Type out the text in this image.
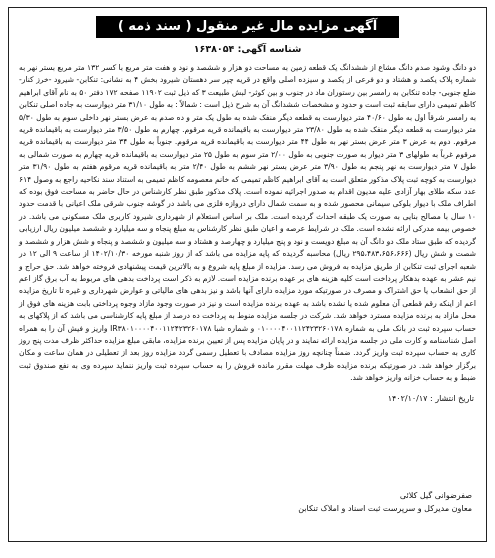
آگهی مزایده مال غیر منقول ( سند ذمه )
شناسه آگهی: ۱۶۳۸۰۵۴
دو دانگ وشود صدم دانگ مشاع از ششدانگ یک قطعه زمین به مساحت دو هزار و ششصد و نود و هفت متر مربع با کسر ۱۳۲ متر مربع بستر نهر به شماره پلاک یکصد و هشتاد و دو فرعی از یکصد و سیزده اصلی واقع در قریه چپر سر دهستان شیرود بخش ۴ به نشانی: تنکابن- شیرود -خرز کنار- ضلع جنوبی- جاده تنکابن به رامسر بین رستوران ماد در جنوب و بین کوثر- لبش طبیعت ۳ که ذیل ثبت ۱۱۹۰۲ صفحه ۱۷۲ دفتر ۵۰ به نام آقای ابراهیم کاظم تمیمی دارای سابقه ثبت است و حدود و مشخصات ششدانگ آن به شرح ذیل است : شمالاً : به طول ۳۱/۱۰ متر دیوارست به جاده اصلی تنکابن به رامسر شرقاً اول به طول ۴۰/۶۰ متر دیوارست به قطعه دیگر منفک شده به طول یک متر و ده صدم به عرض بستر نهر داخلی سوم به طول ۵/۳۰ متر دیوارست به قطعه دیگر منفک شده به طول ۲۳/۸۰ متر دیوارست به باقیمانده قریه مرقوم. چهارم به طول ۳/۵۰ متر دیوارست به باقیمانده قریه مرقوم. دوم به عرض ۳ متر عرض بستر نهر به طول ۴۴ متر دیوارست به باقیمانده قریه مرقوم. جنوباً به طول ۳۴ متر دیوارست به باقیمانده قریه مرقوم غرباً به طولهای ۳ متر دیوار به صورت جنوبی به طول ۲/۰۰ متر سوم به طول ۲۵ متر دیوارست به باقیمانده قریه چهارم به صورت شمالی به طول ۷ متر دیوارست به نهر پنجم به طول ۳/۹۰ متر عرض بستر نهر ششم به طول ۲/۴۰ متر به باقیمانده قریه مرقوم هفتم به طول ۳۱/۹۰ متر دیوارست به کوچه ثبت پلاک مذکور متعلق است به آقای ابراهیم کاظم تمیمی که خانم معصومه کاظم تمیمی به استناد سند نکاحیه راجع به وصول ۶۱۴ عدد سکه طلای بهار آزادی علیه مدیون اقدام به صدور اجرائیه نموده است. پلاک مذکور طبق نظر کارشناس در حال حاضر به مساحت فوق بوده که اطراف ملک با دیوار بلوکی سیمانی محصور شده و به سمت شمال دارای دروازه فلزی می باشد در گوشه جنوب شرقی ملک اعیانی با قدمت حدود ۱۰ سال با مصالح بنایی به صورت یک طبقه احداث گردیده است. ملک بر اساس استعلام از شهرداری شیرود کاربری ملک مسکونی می باشد. در خصوص بیمه مدرکی ارائه نشده است. ملک در شرایط عرصه و اعیان طبق نظر کارشناس به مبلغ پنجاه و سه میلیارد و ششصد میلیون ریال ارزیابی گردیده که طبق ستاد ملک دو دانگ آن به مبلغ دویست و نود و پنج میلیارد و چهارصد و هشتاد و سه میلیون و ششصد و پنجاه و شش هزار و ششصد و شصت و شش ریال (۲۹۵،۴۸۳،۶۵۶،۶۶۶ ریال) محاسبه گردیده که پایه مزایده می باشد که از روز شنبه مورخه ۱۴۰۲/۱۰/۳۰ از ساعت ۹ الی ۱۲ در شعبه اجرای ثبت تنکابن از طریق مزایده به فروش می رسد. مزایده از مبلغ پایه شروع و به بالاترین قیمت پیشنهادی فروخته خواهد شد. حق حراج و نیم عشر به عهده بدهکار پرداخت است کلیه هزینه های بر عهده برنده مزایده است. لازم به ذکر است پرداخت بدهی های مربوط به آب برق گاز اعم از حق انشعاب یا حق اشتراک و مصرف در صورتیکه مورد مزایده دارای آنها باشد و نیز بدهی های مالیاتی و عوارض شهرداری و غیره تا تاریخ مزایده اعم از اینکه رقم قطعی آن معلوم شده یا نشده باشد به عهده برنده مزایده است و نیز در صورت وجود مازاد وجوه پرداختی بابت هزینه های فوق از محل مازاد به برنده مزایده مسترد خواهد شد. شرکت در جلسه مزایده منوط به پرداخت ده درصد از مبلغ پایه کارشناسی می باشد که از پلاکهای به حساب سپرده ثبت در بانک ملی به شماره ۰۱۰۰۰۰۴۰۰۱۱۲۴۲۳۲۶۰۱۷۸ و شماره شبا IR۳۸۰۱۰۰۰۰۴۰۰۱۱۲۴۲۳۲۶۰۱۷۸ واریز و فیش آن را به همراه اصل شناسنامه و کارت ملی در جلسه مزایده ارائه نمایند و در پایان مزایده پس از تعیین برنده مزایده، مابقی مبلغ مزایده حداکثر ظرف مدت پنج روز کاری به حساب سپرده ثبت واریز گردد. ضمناً چنانچه روز مزایده مصادف با تعطیل رسمی گردد مزایده روز بعد از تعطیلی در همان ساعت و مکان برگزار خواهد شد. در صورتیکه برنده مزایده ظرف مهلت مقرر مانده فروش را به حساب سپرده ثبت واریز ننماید سپرده وی به نفع صندوق ثبت ضبط و به حساب خزانه واریز خواهد شد.
تاریخ انتشار : ۱۴۰۲/۱۰/۱۷
صفرضوانی گیل کلائی
معاون مدیرکل و سرپرست ثبت اسناد و املاک تنکابن
